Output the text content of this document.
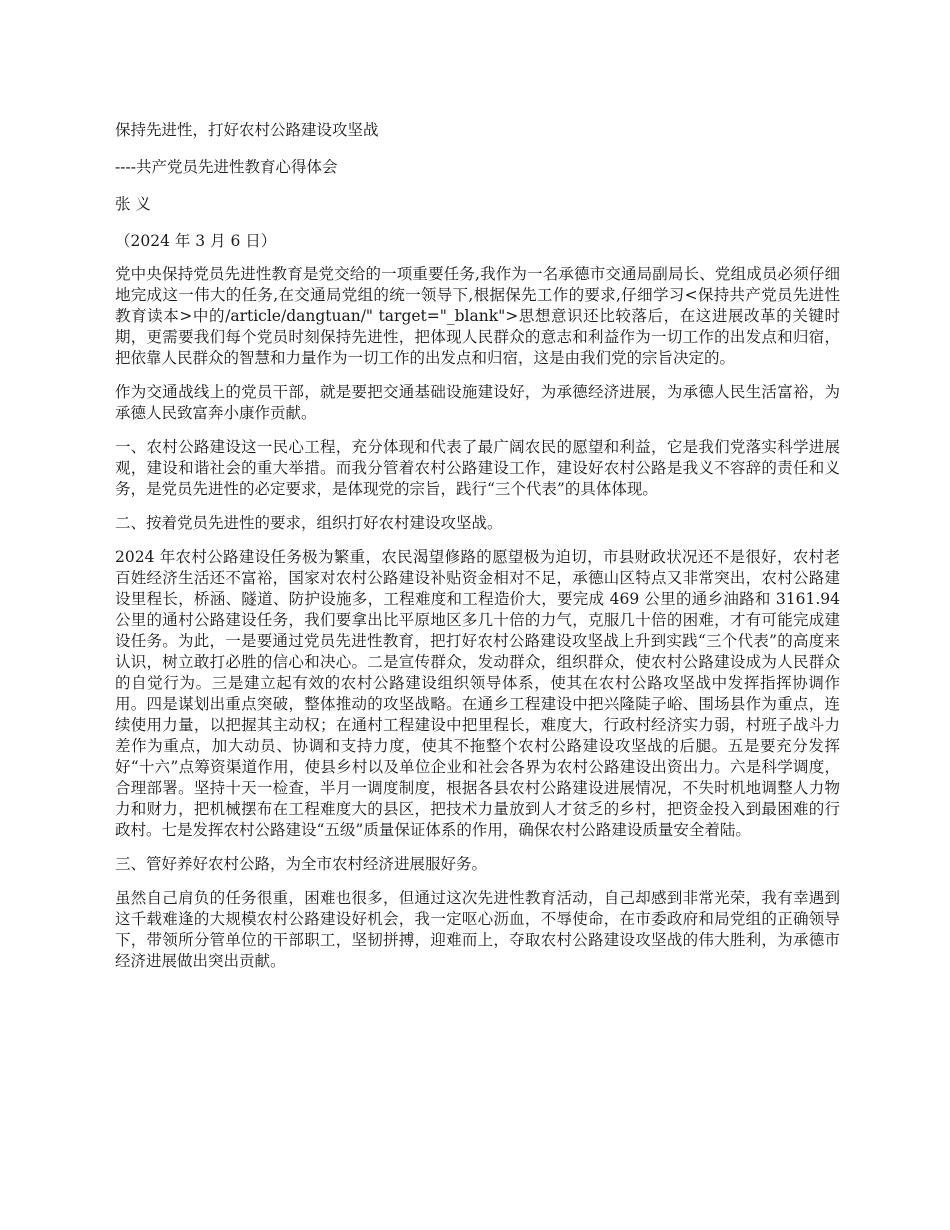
保持先进性，打好农村公路建设攻坚战
----共产党员先进性教育心得体会
张 义
（2024 年 3 月 6 日）

党中央保持党员先进性教育是党交给的一项重要任务,我作为一名承德市交通局副局长、党组成员必须仔细地完成这一伟大的任务,在交通局党组的统一领导下,根据保先工作的要求,仔细学习<保持共产党员先进性教育读本>中的/article/dangtuan/" target="_blank">思想意识还比较落后，在这进展改革的关键时期，更需要我们每个党员时刻保持先进性，把体现人民群众的意志和利益作为一切工作的出发点和归宿，把依靠人民群众的智慧和力量作为一切工作的出发点和归宿，这是由我们党的宗旨决定的。

作为交通战线上的党员干部，就是要把交通基础设施建设好，为承德经济进展，为承德人民生活富裕，为承德人民致富奔小康作贡献。

一、农村公路建设这一民心工程，充分体现和代表了最广阔农民的愿望和利益，它是我们党落实科学进展观，建设和谐社会的重大举措。而我分管着农村公路建设工作，建设好农村公路是我义不容辞的责任和义务，是党员先进性的必定要求，是体现党的宗旨，践行“三个代表”的具体体现。

二、按着党员先进性的要求，组织打好农村建设攻坚战。

2024 年农村公路建设任务极为繁重，农民渴望修路的愿望极为迫切，市县财政状况还不是很好，农村老百姓经济生活还不富裕，国家对农村公路建设补贴资金相对不足，承德山区特点又非常突出，农村公路建设里程长，桥涵、隧道、防护设施多，工程难度和工程造价大，要完成 469 公里的通乡油路和 3161.94 公里的通村公路建设任务，我们要拿出比平原地区多几十倍的力气，克服几十倍的困难，才有可能完成建设任务。为此，一是要通过党员先进性教育，把打好农村公路建设攻坚战上升到实践“三个代表”的高度来认识，树立敢打必胜的信心和决心。二是宣传群众，发动群众，组织群众，使农村公路建设成为人民群众的自觉行为。三是建立起有效的农村公路建设组织领导体系，使其在农村公路攻坚战中发挥指挥协调作用。四是谋划出重点突破，整体推动的攻坚战略。在通乡工程建设中把兴隆陡子峪、围场县作为重点，连续使用力量，以把握其主动权；在通村工程建设中把里程长，难度大，行政村经济实力弱，村班子战斗力差作为重点，加大动员、协调和支持力度，使其不拖整个农村公路建设攻坚战的后腿。五是要充分发挥好“十六”点筹资渠道作用，使县乡村以及单位企业和社会各界为农村公路建设出资出力。六是科学调度，合理部署。坚持十天一检查，半月一调度制度，根据各县农村公路建设进展情况，不失时机地调整人力物力和财力，把机械摆布在工程难度大的县区，把技术力量放到人才贫乏的乡村，把资金投入到最困难的行政村。七是发挥农村公路建设“五级”质量保证体系的作用，确保农村公路建设质量安全着陆。

三、管好养好农村公路，为全市农村经济进展服好务。

虽然自己肩负的任务很重，困难也很多，但通过这次先进性教育活动，自己却感到非常光荣，我有幸遇到这千载难逢的大规模农村公路建设好机会，我一定呕心沥血，不辱使命，在市委政府和局党组的正确领导下，带领所分管单位的干部职工，坚韧拼搏，迎难而上，夺取农村公路建设攻坚战的伟大胜利，为承德市经济进展做出突出贡献。
